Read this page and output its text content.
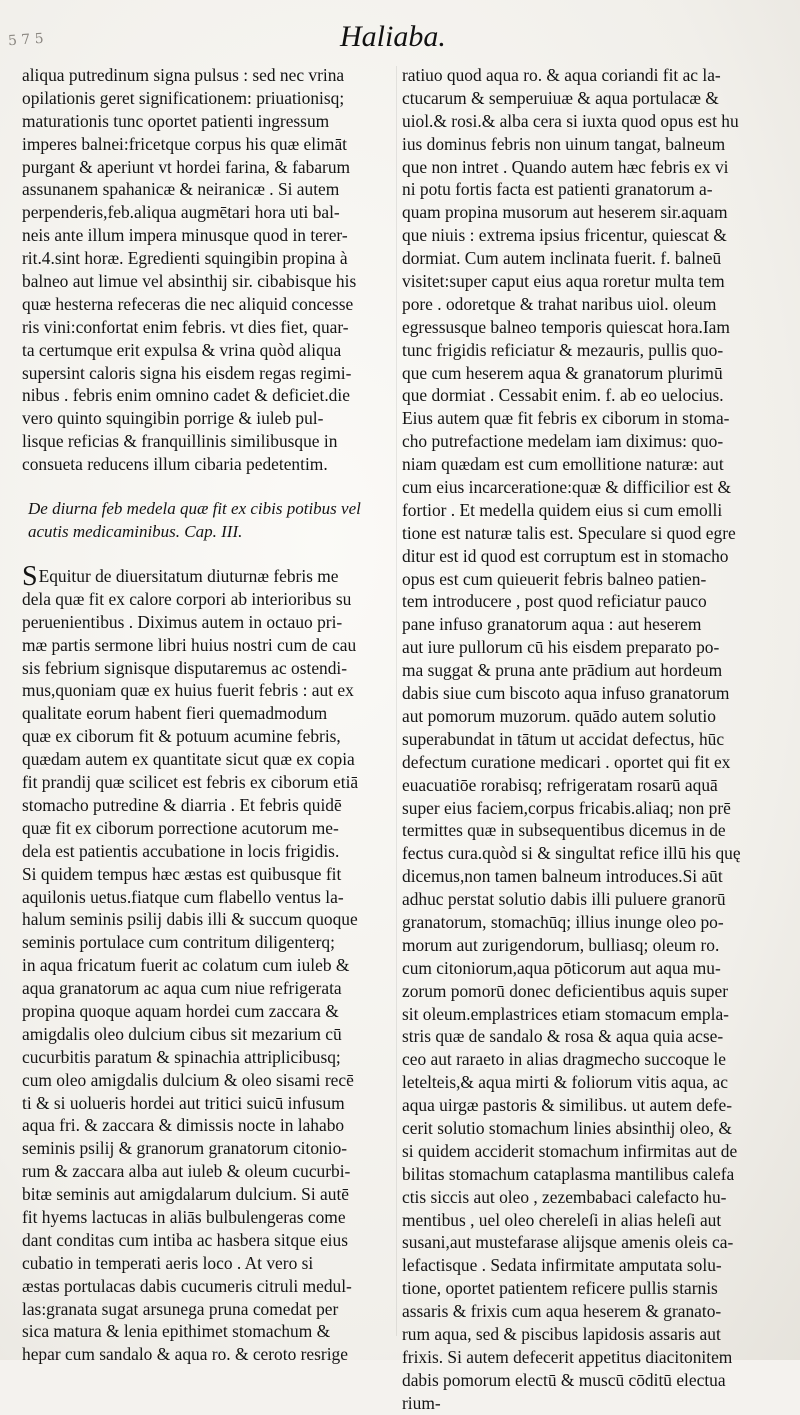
5 7 5	Haliaba.
aliqua putredinum signa pulsus : sed nec vrina
opilationis geret significationem: priuationisq;
maturationis tunc oportet patienti ingressum
imperes balnei:fricetque corpus his quæ elimāt
purgant & aperiunt vt hordei farina, & fabarum
assunanem spahanicæ & neiranicæ . Si autem
perpenderis,feb.aliqua augmētari hora uti bal-
neis ante illum impera minusque quod in terer-
rit.4.sint horæ. Egredienti squingibin propina à
balneo aut limue vel absinthij sir. cibabisque his
quæ hesterna refeceras die nec aliquid concesse
ris vini:confortat enim febris. vt dies fiet, quar-
ta certumque erit expulsa & vrina quòd aliqua
supersint caloris signa his eisdem regas regimi-
nibus . febris enim omnino cadet & deficiet.die
vero quinto squingibin porrige & iuleb pul-
lisque reficias & franquillinis similibusque in
consueta reducens illum cibaria pedetentim.
De diurna feb medela quæ fit ex cibis potibus vel
acutis medicaminibus. Cap. III.
SEquitur de diuersitatum diuturnæ febris me
dela quæ fit ex calore corpori ab interioribus su
peruenientibus . Diximus autem in octauo pri-
mæ partis sermone libri huius nostri cum de cau
sis febrium signisque disputaremus ac ostendi-
mus,quoniam quæ ex huius fuerit febris : aut ex
qualitate eorum habent fieri quemadmodum
quæ ex ciborum fit & potuum acumine febris,
quædam autem ex quantitate sicut quæ ex copia
fit prandij quæ scilicet est febris ex ciborum etiā
stomacho putredine & diarria . Et febris quidē
quæ fit ex ciborum porrectione acutorum me-
dela est patientis accubatione in locis frigidis.
Si quidem tempus hæc æstas est quibusque fit
aquilonis uetus.fiatque cum flabello ventus la-
halum seminis psilij dabis illi & succum quoque
seminis portulace cum contritum diligenterq;
in aqua fricatum fuerit ac colatum cum iuleb &
aqua granatorum ac aqua cum niue refrigerata
propina quoque aquam hordei cum zaccara &
amigdalis oleo dulcium cibus sit mezarium cū
cucurbitis paratum & spinachia attriplicibusq;
cum oleo amigdalis dulcium & oleo sisami recē
ti & si uolueris hordei aut tritici suicū infusum
aqua fri. & zaccara & dimissis nocte in lahabo
seminis psilij & granorum granatorum citonio-
rum & zaccara alba aut iuleb & oleum cucurbi-
bitæ seminis aut amigdalarum dulcium. Si autē
fit hyems lactucas in aliās bulbulengeras come
dant conditas cum intiba ac hasbera sitque eius
cubatio in temperati aeris loco . At vero si
æstas portulacas dabis cucumeris citruli medul-
las:granata sugat arsunega pruna comedat per
sica matura & lenia epithimet stomachum &
hepar cum sandalo & aqua ro. & ceroto resrige
ratiuo quod aqua ro. & aqua coriandi fit ac la-
ctucarum & semperuiuæ & aqua portulacæ &
uiol.& rosi.& alba cera si iuxta quod opus est hu
ius dominus febris non uinum tangat, balneum
que non intret . Quando autem hæc febris ex vi
ni potu fortis facta est patienti granatorum a-
quam propina musorum aut heserem sir.aquam
que niuis : extrema ipsius fricentur, quiescat &
dormiat. Cum autem inclinata fuerit. f. balneū
visitet:super caput eius aqua roretur multa tem
pore . odoretque & trahat naribus uiol. oleum
egressusque balneo temporis quiescat hora.Iam
tunc frigidis reficiatur & mezauris, pullis quo-
que cum heserem aqua & granatorum plurimū
que dormiat . Cessabit enim. f. ab eo uelocius.
Eius autem quæ fit febris ex ciborum in stoma-
cho putrefactione medelam iam diximus: quo-
niam quædam est cum emollitione naturæ: aut
cum eius incarceratione:quæ & difficilior est &
fortior . Et medella quidem eius si cum emolli
tione est naturæ talis est. Speculare si quod egre
ditur est id quod est corruptum est in stomacho
opus est cum quieuerit febris balneo patien-
tem introducere , post quod reficiatur pauco
pane infuso granatorum aqua : aut heserem
aut iure pullorum cū his eisdem preparato po-
ma suggat & pruna ante prādium aut hordeum
dabis siue cum biscoto aqua infuso granatorum
aut pomorum muzorum. quādo autem solutio
superabundat in tātum ut accidat defectus, hūc
defectum curatione medicari . oportet qui fit ex
euacuatiōe rorabisq; refrigeratam rosarū aquā
super eius faciem,corpus fricabis.aliaq; non prē
termittes quæ in subsequentibus dicemus in de
fectus cura.quòd si & singultat refice illū his quę
dicemus,non tamen balneum introduces.Si aūt
adhuc perstat solutio dabis illi puluere granorū
granatorum, stomachūq; illius inunge oleo po-
morum aut zurigendorum, bulliasq; oleum ro.
cum citoniorum,aqua pōticorum aut aqua mu-
zorum pomorū donec deficientibus aquis super
sit oleum.emplastrices etiam stomacum empla-
stris quæ de sandalo & rosa & aqua quia acse-
ceo aut raraeto in alias dragmecho succoque le
letelteis,& aqua mirti & foliorum vitis aqua, ac
aqua uirgæ pastoris & similibus. ut autem defe-
cerit solutio stomachum linies absinthij oleo, &
si quidem acciderit stomachum infirmitas aut de
bilitas stomachum cataplasma mantilibus calefa
ctis siccis aut oleo , zezembabaci calefacto hu-
mentibus , uel oleo chereleſi in alias heleſi aut
susani,aut mustefarase alijsque amenis oleis ca-
lefactisque . Sedata infirmitate amputata solu-
tione, oportet patientem reficere pullis starnis
assaris & frixis cum aqua heserem & granato-
rum aqua, sed & piscibus lapidosis assaris aut
frixis. Si autem defecerit appetitus diacitonitem
dabis pomorum electū & muscū cōditū electua
rium-
